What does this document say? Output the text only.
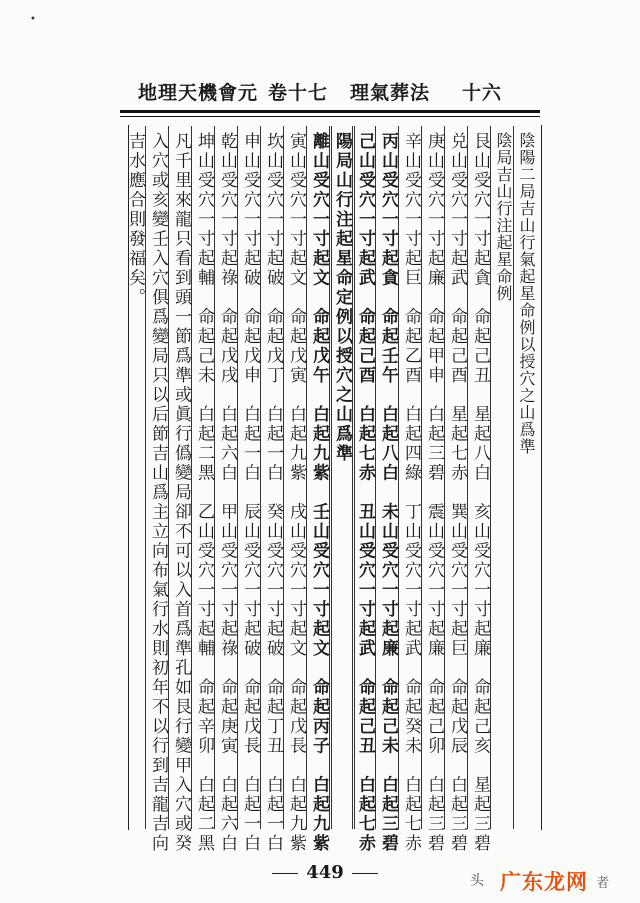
•
地理天機會元 卷十七 理氣葬法 十六
陰陽二局吉山行氣起星命例以授穴之山爲準
陰局吉山行注起星命例
艮山受穴一寸起貪　命起己丑　星起八白　亥山受穴一寸起廉　命起己亥　星起三碧
兑山受穴一寸起武　命起己酉　星起七赤　巽山受穴一寸起巨　命起戊辰　白起三碧
庚山受穴一寸起廉　命起甲申　白起三碧　震山受穴一寸起廉　命起己卯　白起三碧
辛山受穴一寸起巨　命起乙酉　白起四綠　丁山受穴一寸起武　命起癸未　白起七赤
丙山受穴一寸起貪　命起壬午　白起八白　未山受穴一寸起廉　命起己未　白起三碧
己山受穴一寸起武　命起己酉　白起七赤　丑山受穴一寸起武　命起己丑　白起七赤
陽局山行注起星命定例以授穴之山爲準
離山受穴一寸起文　命起戊午　白起九紫　壬山受穴一寸起文　命起丙子　白起九紫
寅山受穴一寸起文　命起戊寅　白起九紫　戌山受穴一寸起文　命起戊長　白起九紫
坎山受穴一寸起破　命起戊丁　白起一白　癸山受穴一寸起破　命起丁丑　白起一白
申山受穴一寸起破　命起戊申　白起一白　辰山受穴一寸起破　命起戊長　白起一白
乾山受穴一寸起祿　命起戊戌　白起六白　甲山受穴一寸起祿　命起庚寅　白起六白
坤山受穴一寸起輔　命起己未　白起二黑　乙山受穴一寸起輔　命起辛卯　白起二黑
凡千里來龍只看到頭一節爲準或眞行僞變局卻不可以入首爲準孔如艮行變甲入穴或癸
入穴或亥變壬入穴俱爲變局只以后節吉山爲主立向布氣行水則初年不以行到吉龍吉向
吉水應合則發福矣。
449	头 广东龙网 者
